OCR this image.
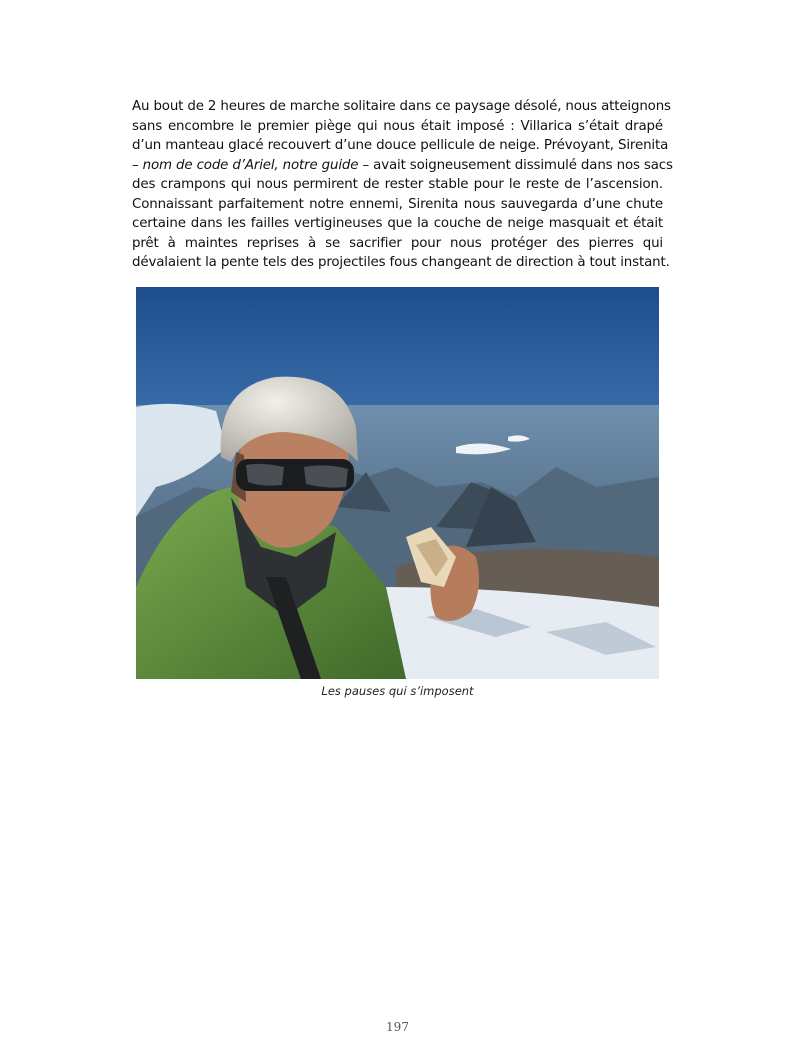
Au bout de 2 heures de marche solitaire dans ce paysage désolé, nous atteignons
sans encombre le premier piège qui nous était imposé : Villarica s’était drapé
d’un manteau glacé recouvert d’une douce pellicule de neige. Prévoyant, Sirenita
– nom de code d’Ariel, notre guide – avait soigneusement dissimulé dans nos sacs
des crampons qui nous permirent de rester stable pour le reste de l’ascension.
Connaissant parfaitement notre ennemi, Sirenita nous sauvegarda d’une chute
certaine dans les failles vertigineuses que la couche de neige masquait et était
prêt à maintes reprises à se sacrifier pour nous protéger des pierres qui
dévalaient la pente tels des projectiles fous changeant de direction à tout instant.
Les pauses qui s’imposent
197
